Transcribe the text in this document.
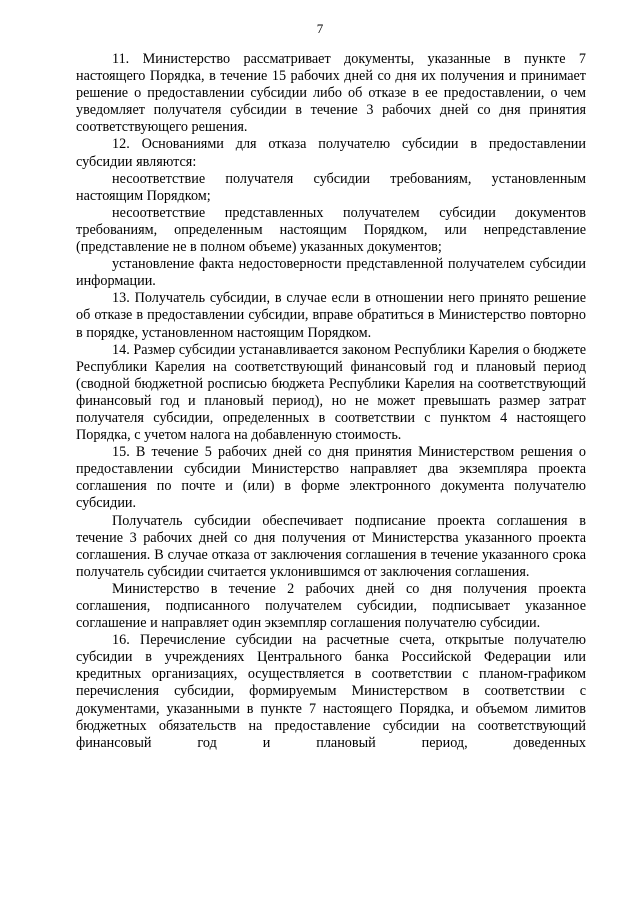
7

11. Министерство рассматривает документы, указанные в пункте 7 настоящего Порядка, в течение 15 рабочих дней со дня их получения и принимает решение о предоставлении субсидии либо об отказе в ее предоставлении, о чем уведомляет получателя субсидии в течение 3 рабочих дней со дня принятия соответствующего решения.

12. Основаниями для отказа получателю субсидии в предоставлении субсидии являются:

несоответствие получателя субсидии требованиям, установленным настоящим Порядком;

несоответствие представленных получателем субсидии документов требованиям, определенным настоящим Порядком, или непредставление (представление не в полном объеме) указанных документов;

установление факта недостоверности представленной получателем субсидии информации.

13. Получатель субсидии, в случае если в отношении него принято решение об отказе в предоставлении субсидии, вправе обратиться в Министерство повторно в порядке, установленном настоящим Порядком.

14. Размер субсидии устанавливается законом Республики Карелия о бюджете Республики Карелия на соответствующий финансовый год и плановый период (сводной бюджетной росписью бюджета Республики Карелия на соответствующий финансовый год и плановый период), но не может превышать размер затрат получателя субсидии, определенных в соответствии с пунктом 4 настоящего Порядка, с учетом налога на добавленную стоимость.

15. В течение 5 рабочих дней со дня принятия Министерством решения о предоставлении субсидии Министерство направляет два экземпляра проекта соглашения по почте и (или) в форме электронного документа получателю субсидии.

Получатель субсидии обеспечивает подписание проекта соглашения в течение 3 рабочих дней со дня получения от Министерства указанного проекта соглашения. В случае отказа от заключения соглашения в течение указанного срока получатель субсидии считается уклонившимся от заключения соглашения.

Министерство в течение 2 рабочих дней со дня получения проекта соглашения, подписанного получателем субсидии, подписывает указанное соглашение и направляет один экземпляр соглашения получателю субсидии.

16. Перечисление субсидии на расчетные счета, открытые получателю субсидии в учреждениях Центрального банка Российской Федерации или кредитных организациях, осуществляется в соответствии с планом-графиком перечисления субсидии, формируемым Министерством в соответствии с документами, указанными в пункте 7 настоящего Порядка, и объемом лимитов бюджетных обязательств на предоставление субсидии на соответствующий финансовый год и плановый период, доведенных
